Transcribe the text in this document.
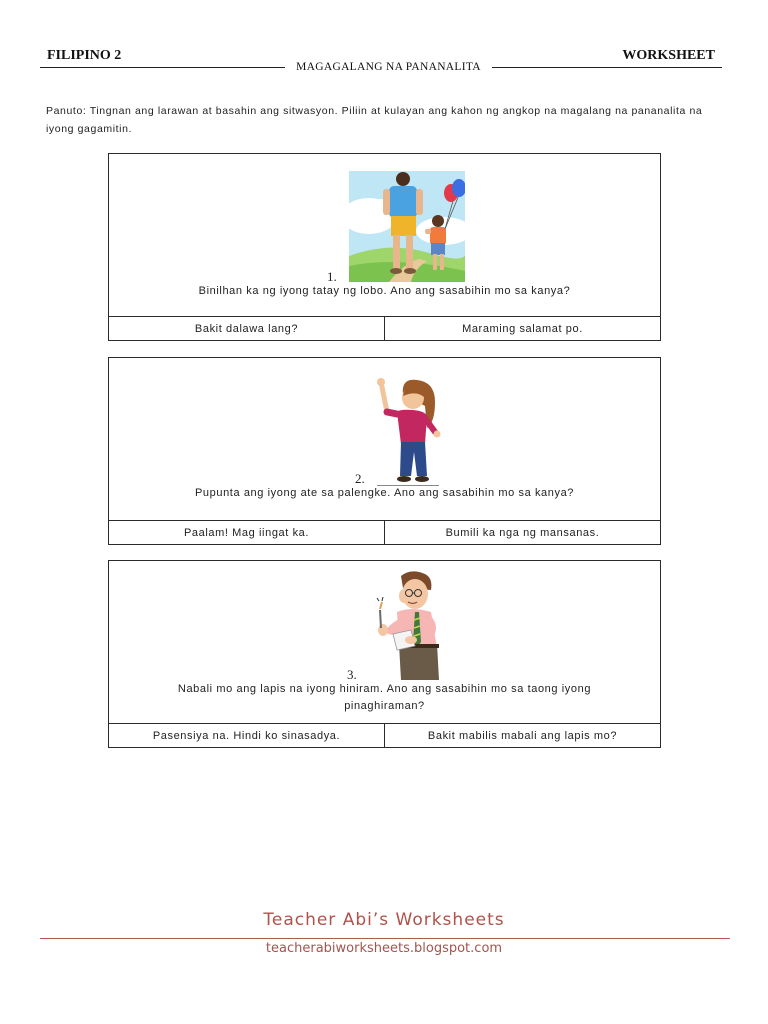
FILIPINO 2	WORKSHEET
MAGAGALANG NA PANANALITA
Panuto: Tingnan ang larawan at basahin ang sitwasyon. Piliin at kulayan ang kahon ng angkop na magalang na pananalita na iyong gagamitin.
1.
Binilhan ka ng iyong tatay ng lobo. Ano ang sasabihin mo sa kanya?
Bakit dalawa lang?	Maraming salamat po.
2.
Pupunta ang iyong ate sa palengke. Ano ang sasabihin mo sa kanya?
Paalam! Mag iingat ka.	Bumili ka nga ng mansanas.
3.
Nabali mo ang lapis na iyong hiniram. Ano ang sasabihin mo sa taong iyong pinaghiraman?
Pasensiya na. Hindi ko sinasadya.	Bakit mabilis mabali ang lapis mo?
Teacher Abi’s Worksheets
teacherabiworksheets.blogspot.com
